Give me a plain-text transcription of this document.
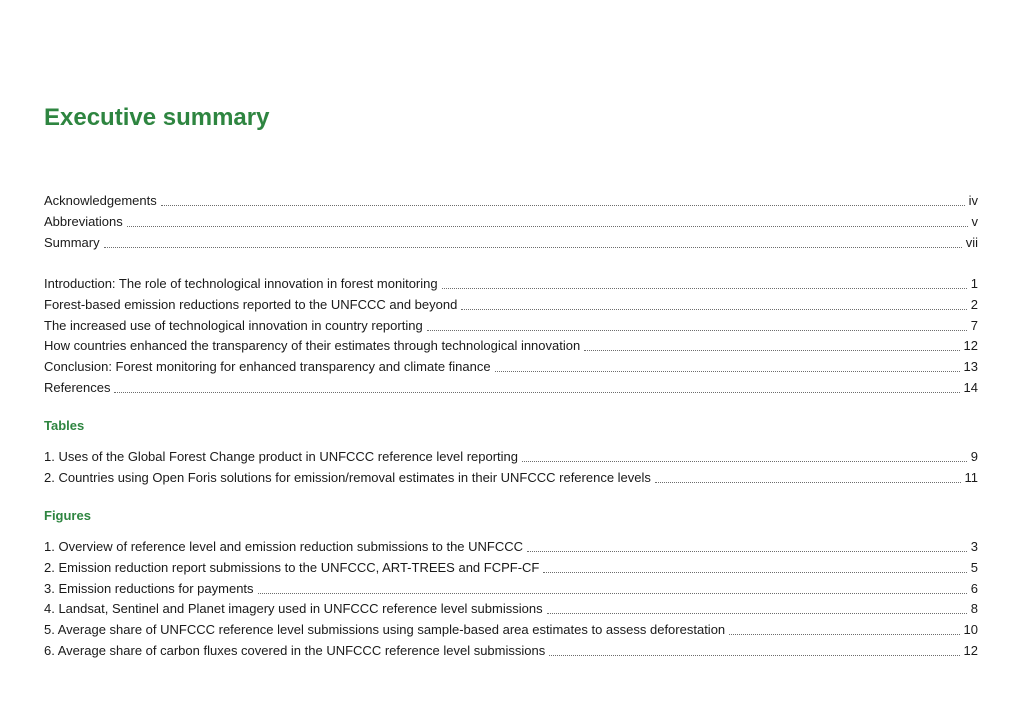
Executive summary
Acknowledgements	iv
Abbreviations	v
Summary	vii
Introduction: The role of technological innovation in forest monitoring	1
Forest-based emission reductions reported to the UNFCCC and beyond	2
The increased use of technological innovation in country reporting	7
How countries enhanced the transparency of their estimates through technological innovation	12
Conclusion: Forest monitoring for enhanced transparency and climate finance	13
References	14
Tables
1. Uses of the Global Forest Change product in UNFCCC reference level reporting	9
2. Countries using Open Foris solutions for emission/removal estimates in their UNFCCC reference levels	11
Figures
1. Overview of reference level and emission reduction submissions to the UNFCCC	3
2. Emission reduction report submissions to the UNFCCC, ART-TREES and FCPF-CF	5
3. Emission reductions for payments	6
4. Landsat, Sentinel and Planet imagery used in UNFCCC reference level submissions	8
5. Average share of UNFCCC reference level submissions using sample-based area estimates to assess deforestation	10
6. Average share of carbon fluxes covered in the UNFCCC reference level submissions	12
